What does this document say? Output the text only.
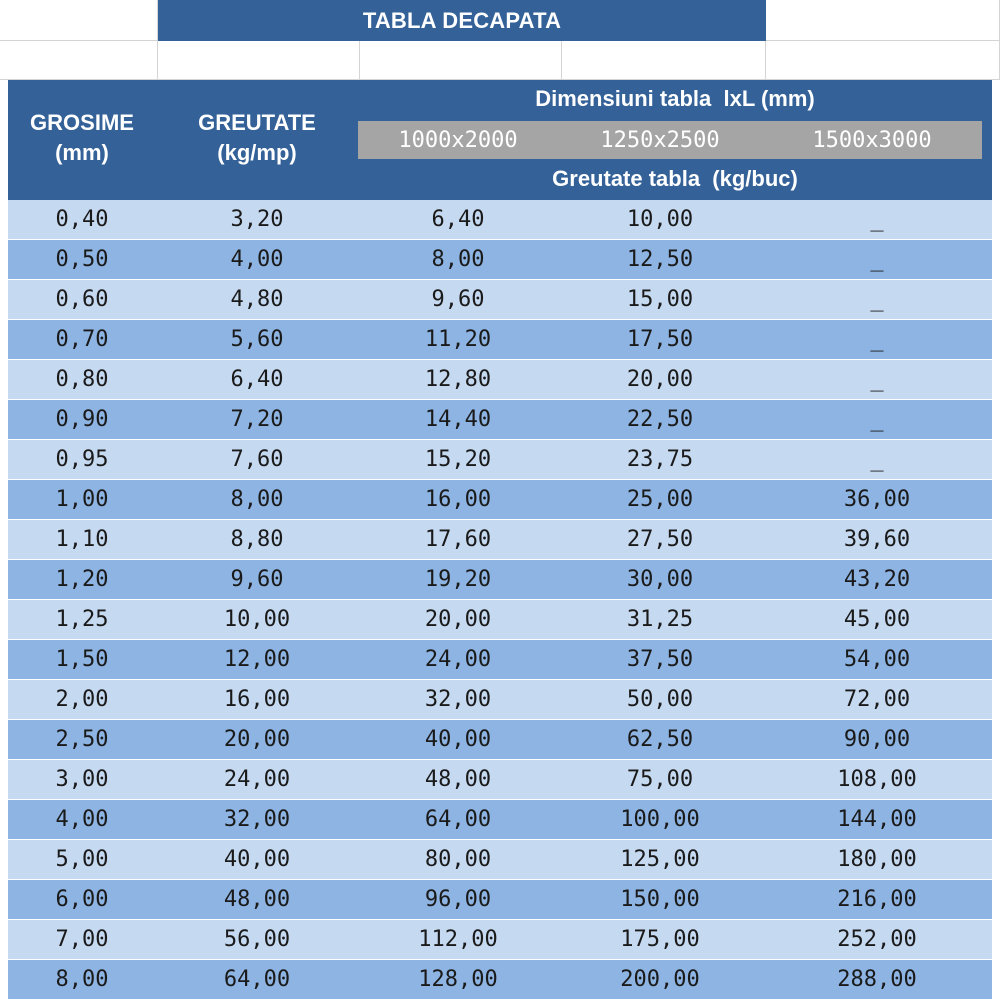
TABLA DECAPATA
GROSIME
(mm)
GREUTATE
(kg/mp)
Dimensiuni tabla  lxL (mm)
1000x2000	1250x2500	1500x3000
Greutate tabla  (kg/buc)
0,40	3,20	6,40	10,00	_
0,50	4,00	8,00	12,50	_
0,60	4,80	9,60	15,00	_
0,70	5,60	11,20	17,50	_
0,80	6,40	12,80	20,00	_
0,90	7,20	14,40	22,50	_
0,95	7,60	15,20	23,75	_
1,00	8,00	16,00	25,00	36,00
1,10	8,80	17,60	27,50	39,60
1,20	9,60	19,20	30,00	43,20
1,25	10,00	20,00	31,25	45,00
1,50	12,00	24,00	37,50	54,00
2,00	16,00	32,00	50,00	72,00
2,50	20,00	40,00	62,50	90,00
3,00	24,00	48,00	75,00	108,00
4,00	32,00	64,00	100,00	144,00
5,00	40,00	80,00	125,00	180,00
6,00	48,00	96,00	150,00	216,00
7,00	56,00	112,00	175,00	252,00
8,00	64,00	128,00	200,00	288,00
